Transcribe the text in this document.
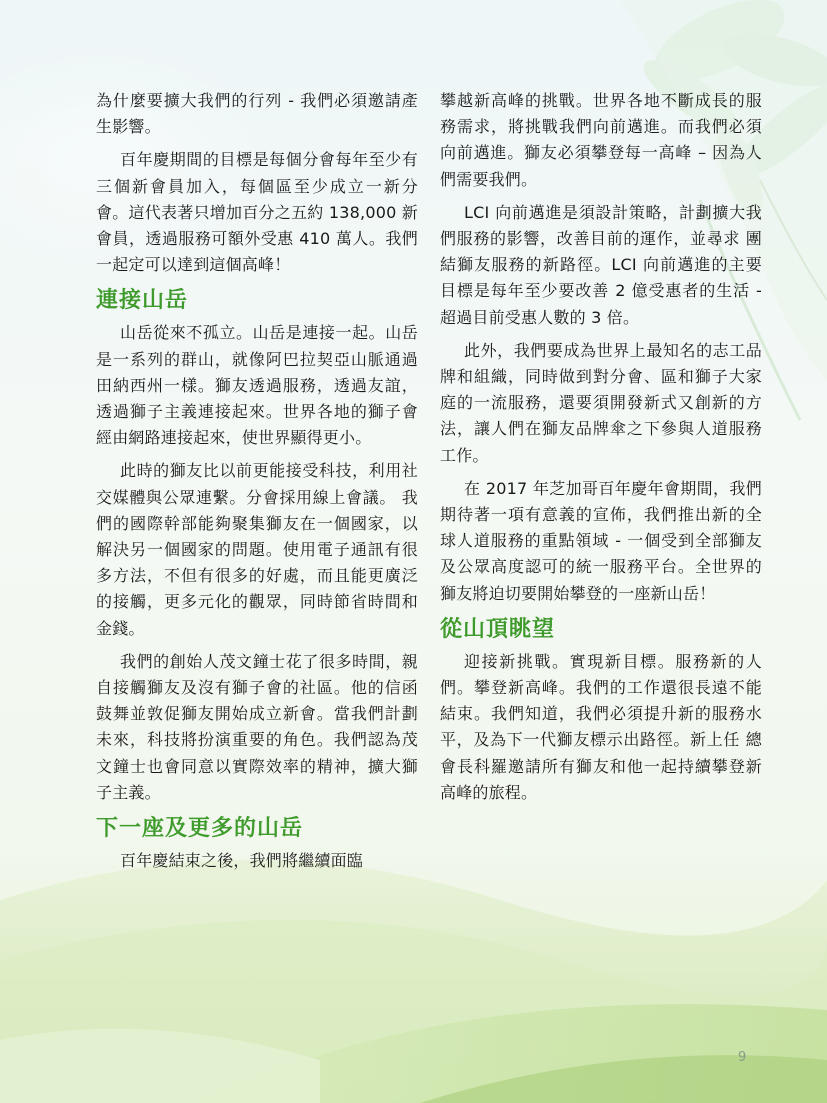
為什麼要擴大我們的行列 - 我們必須邀請產生影響。

百年慶期間的目標是每個分會每年至少有三個新會員加入，每個區至少成立一新分會。這代表著只增加百分之五約 138,000 新會員，透過服務可額外受惠 410 萬人。我們一起定可以達到這個高峰！

連接山岳

山岳從來不孤立。山岳是連接一起。山岳是一系列的群山，就像阿巴拉契亞山脈通過田納西州一樣。獅友透過服務，透過友誼，透過獅子主義連接起來。世界各地的獅子會經由網路連接起來，使世界顯得更小。

此時的獅友比以前更能接受科技，利用社交媒體與公眾連繫。分會採用線上會議。 我們的國際幹部能夠聚集獅友在一個國家，以解決另一個國家的問題。使用電子通訊有很多方法，不但有很多的好處，而且能更廣泛的接觸，更多元化的觀眾，同時節省時間和金錢。

我們的創始人茂文鐘士花了很多時間，親自接觸獅友及沒有獅子會的社區。他的信函鼓舞並敦促獅友開始成立新會。當我們計劃未來，科技將扮演重要的角色。我們認為茂文鐘士也會同意以實際效率的精神，擴大獅子主義。

下一座及更多的山岳

百年慶結束之後，我們將繼續面臨

攀越新高峰的挑戰。世界各地不斷成長的服務需求，將挑戰我們向前邁進。而我們必須向前邁進。獅友必須攀登每一高峰 – 因為人們需要我們。

LCI 向前邁進是須設計策略，計劃擴大我們服務的影響，改善目前的運作，並尋求 團結獅友服務的新路徑。LCI 向前邁進的主要目標是每年至少要改善 2 億受惠者的生活 - 超過目前受惠人數的 3 倍。

此外，我們要成為世界上最知名的志工品牌和組織，同時做到對分會、區和獅子大家庭的一流服務，還要須開發新式又創新的方法，讓人們在獅友品牌傘之下參與人道服務工作。

在 2017 年芝加哥百年慶年會期間，我們期待著一項有意義的宣佈，我們推出新的全球人道服務的重點領域 - 一個受到全部獅友及公眾高度認可的統一服務平台。全世界的獅友將迫切要開始攀登的一座新山岳！

從山頂眺望

迎接新挑戰。實現新目標。服務新的人們。攀登新高峰。我們的工作還很長遠不能結束。我們知道，我們必須提升新的服務水平，及為下一代獅友標示出路徑。新上任 總會長科羅邀請所有獅友和他一起持續攀登新高峰的旅程。

9
